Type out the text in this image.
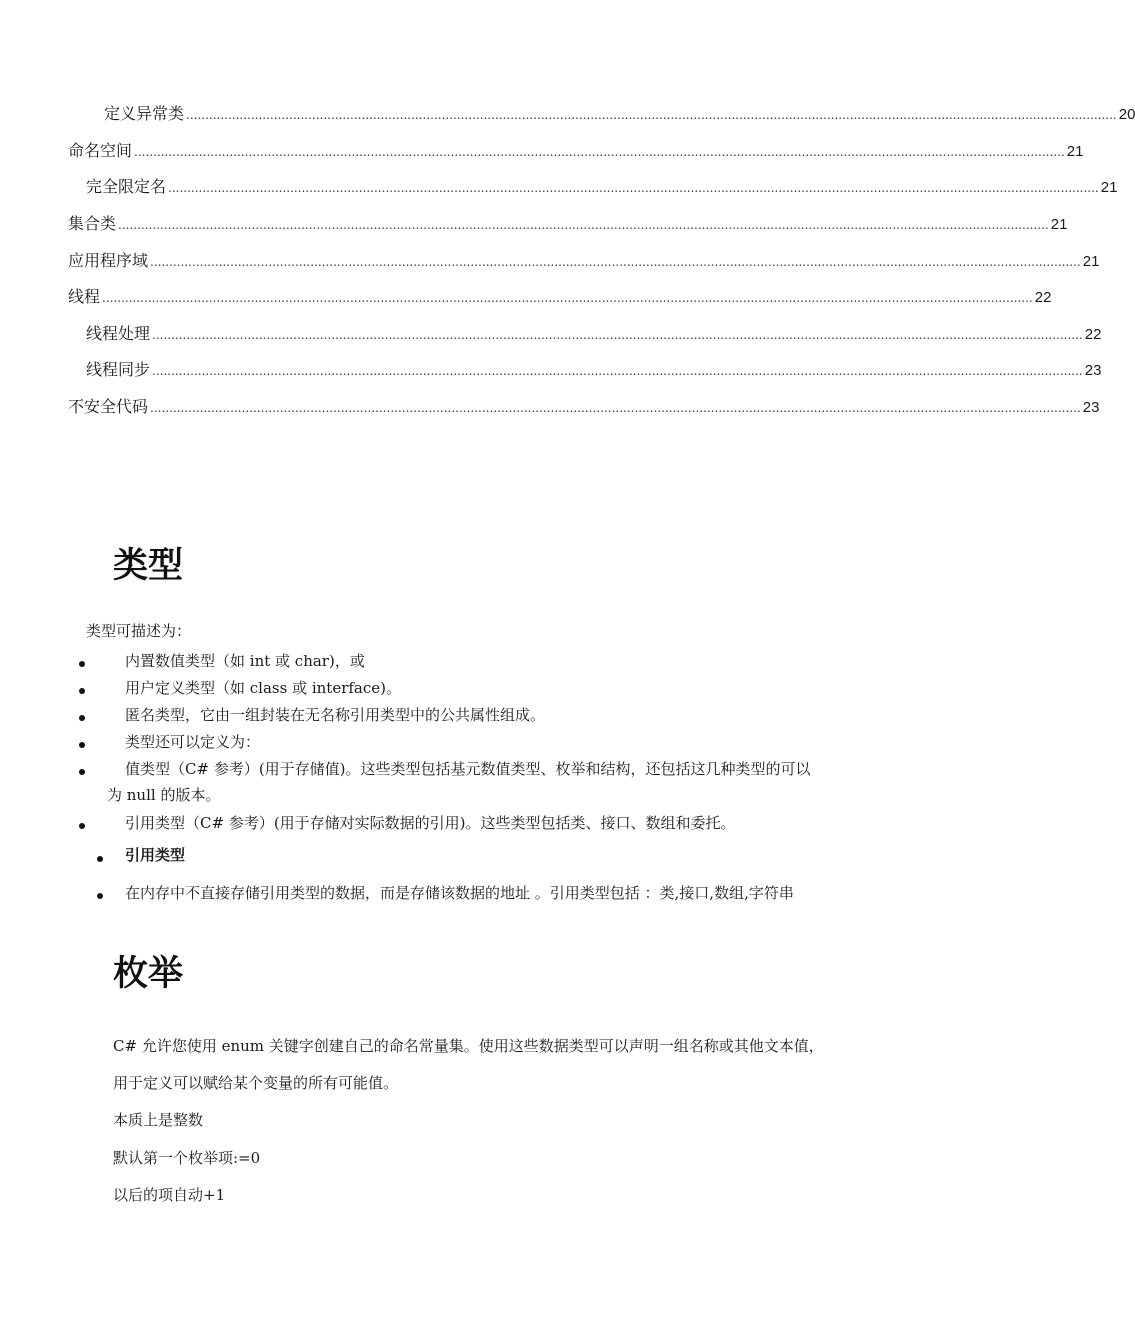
定义异常类 .................................................................................................................................................................................................................................................... 20
命名空间 .................................................................................................................................................................................................................................................... 21
完全限定名 .................................................................................................................................................................................................................................................... 21
集合类 .................................................................................................................................................................................................................................................... 21
应用程序域 .................................................................................................................................................................................................................................................... 21
线程 .................................................................................................................................................................................................................................................... 22
线程处理 .................................................................................................................................................................................................................................................... 22
线程同步 .................................................................................................................................................................................................................................................... 23
不安全代码 .................................................................................................................................................................................................................................................... 23
类型
类型可描述为：
内置数值类型（如 int 或 char)，或
用户定义类型（如 class 或 interface)。
匿名类型，它由一组封装在无名称引用类型中的公共属性组成。
类型还可以定义为：
值类型（C# 参考）(用于存储值)。这些类型包括基元数值类型、枚举和结构，还包括这几种类型的可以
为 null 的版本。
引用类型（C# 参考）(用于存储对实际数据的引用)。这些类型包括类、接口、数组和委托。
引用类型
在内存中不直接存储引用类型的数据，而是存储该数据的地址 。引用类型包括 ：类,接口,数组,字符串
枚举
C# 允许您使用 enum 关键字创建自己的命名常量集。使用这些数据类型可以声明一组名称或其他文本值，
用于定义可以赋给某个变量的所有可能值。
本质上是整数
默认第一个枚举项:=0
以后的项自动+1
